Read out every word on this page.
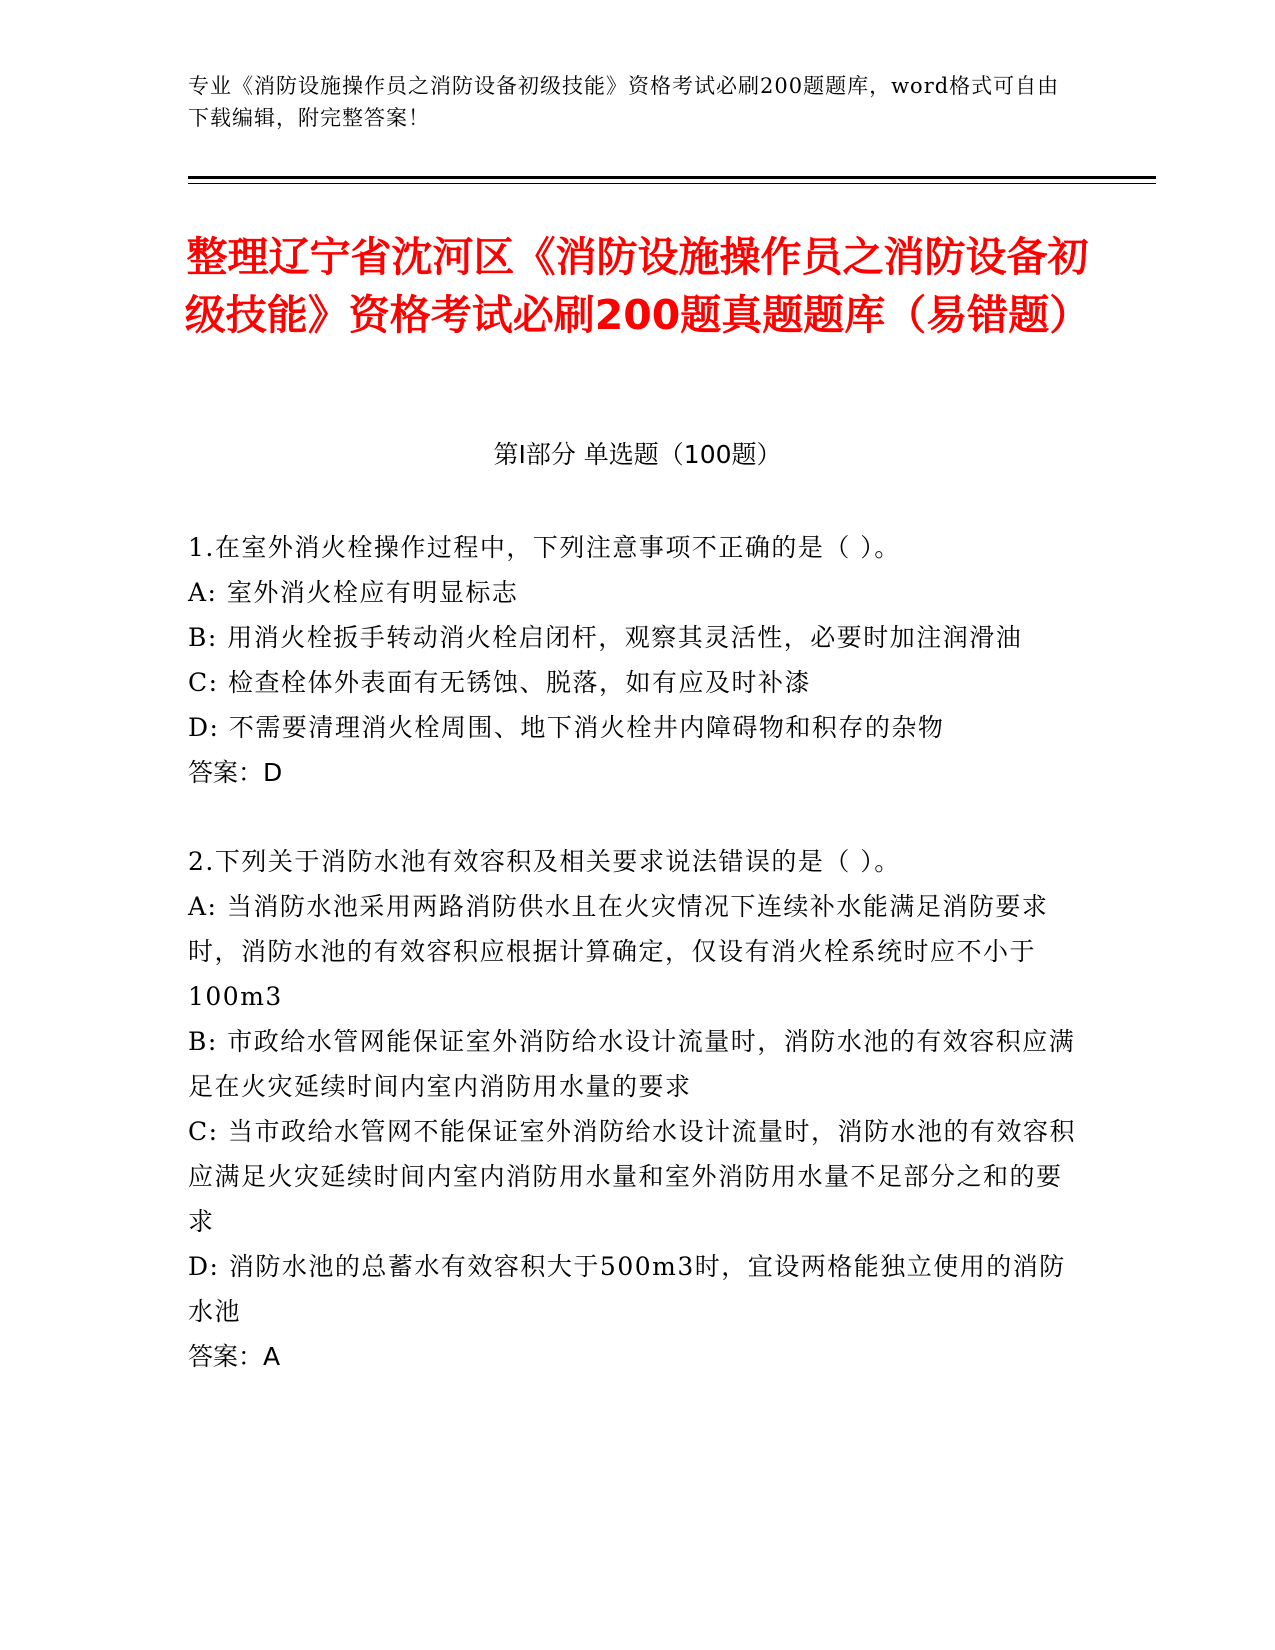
专业《消防设施操作员之消防设备初级技能》资格考试必刷200题题库，word格式可自由下载编辑，附完整答案！
整理辽宁省沈河区《消防设施操作员之消防设备初级技能》资格考试必刷200题真题题库（易错题）
第I部分 单选题（100题）
1.在室外消火栓操作过程中，下列注意事项不正确的是（ ）。
A: 室外消火栓应有明显标志
B: 用消火栓扳手转动消火栓启闭杆，观察其灵活性，必要时加注润滑油
C: 检查栓体外表面有无锈蚀、脱落，如有应及时补漆
D: 不需要清理消火栓周围、地下消火栓井内障碍物和积存的杂物
答案：D
2.下列关于消防水池有效容积及相关要求说法错误的是（ ）。
A: 当消防水池采用两路消防供水且在火灾情况下连续补水能满足消防要求时，消防水池的有效容积应根据计算确定，仅设有消火栓系统时应不小于100m3
B: 市政给水管网能保证室外消防给水设计流量时，消防水池的有效容积应满足在火灾延续时间内室内消防用水量的要求
C: 当市政给水管网不能保证室外消防给水设计流量时，消防水池的有效容积应满足火灾延续时间内室内消防用水量和室外消防用水量不足部分之和的要求
D: 消防水池的总蓄水有效容积大于500m3时，宜设两格能独立使用的消防水池
答案：A
